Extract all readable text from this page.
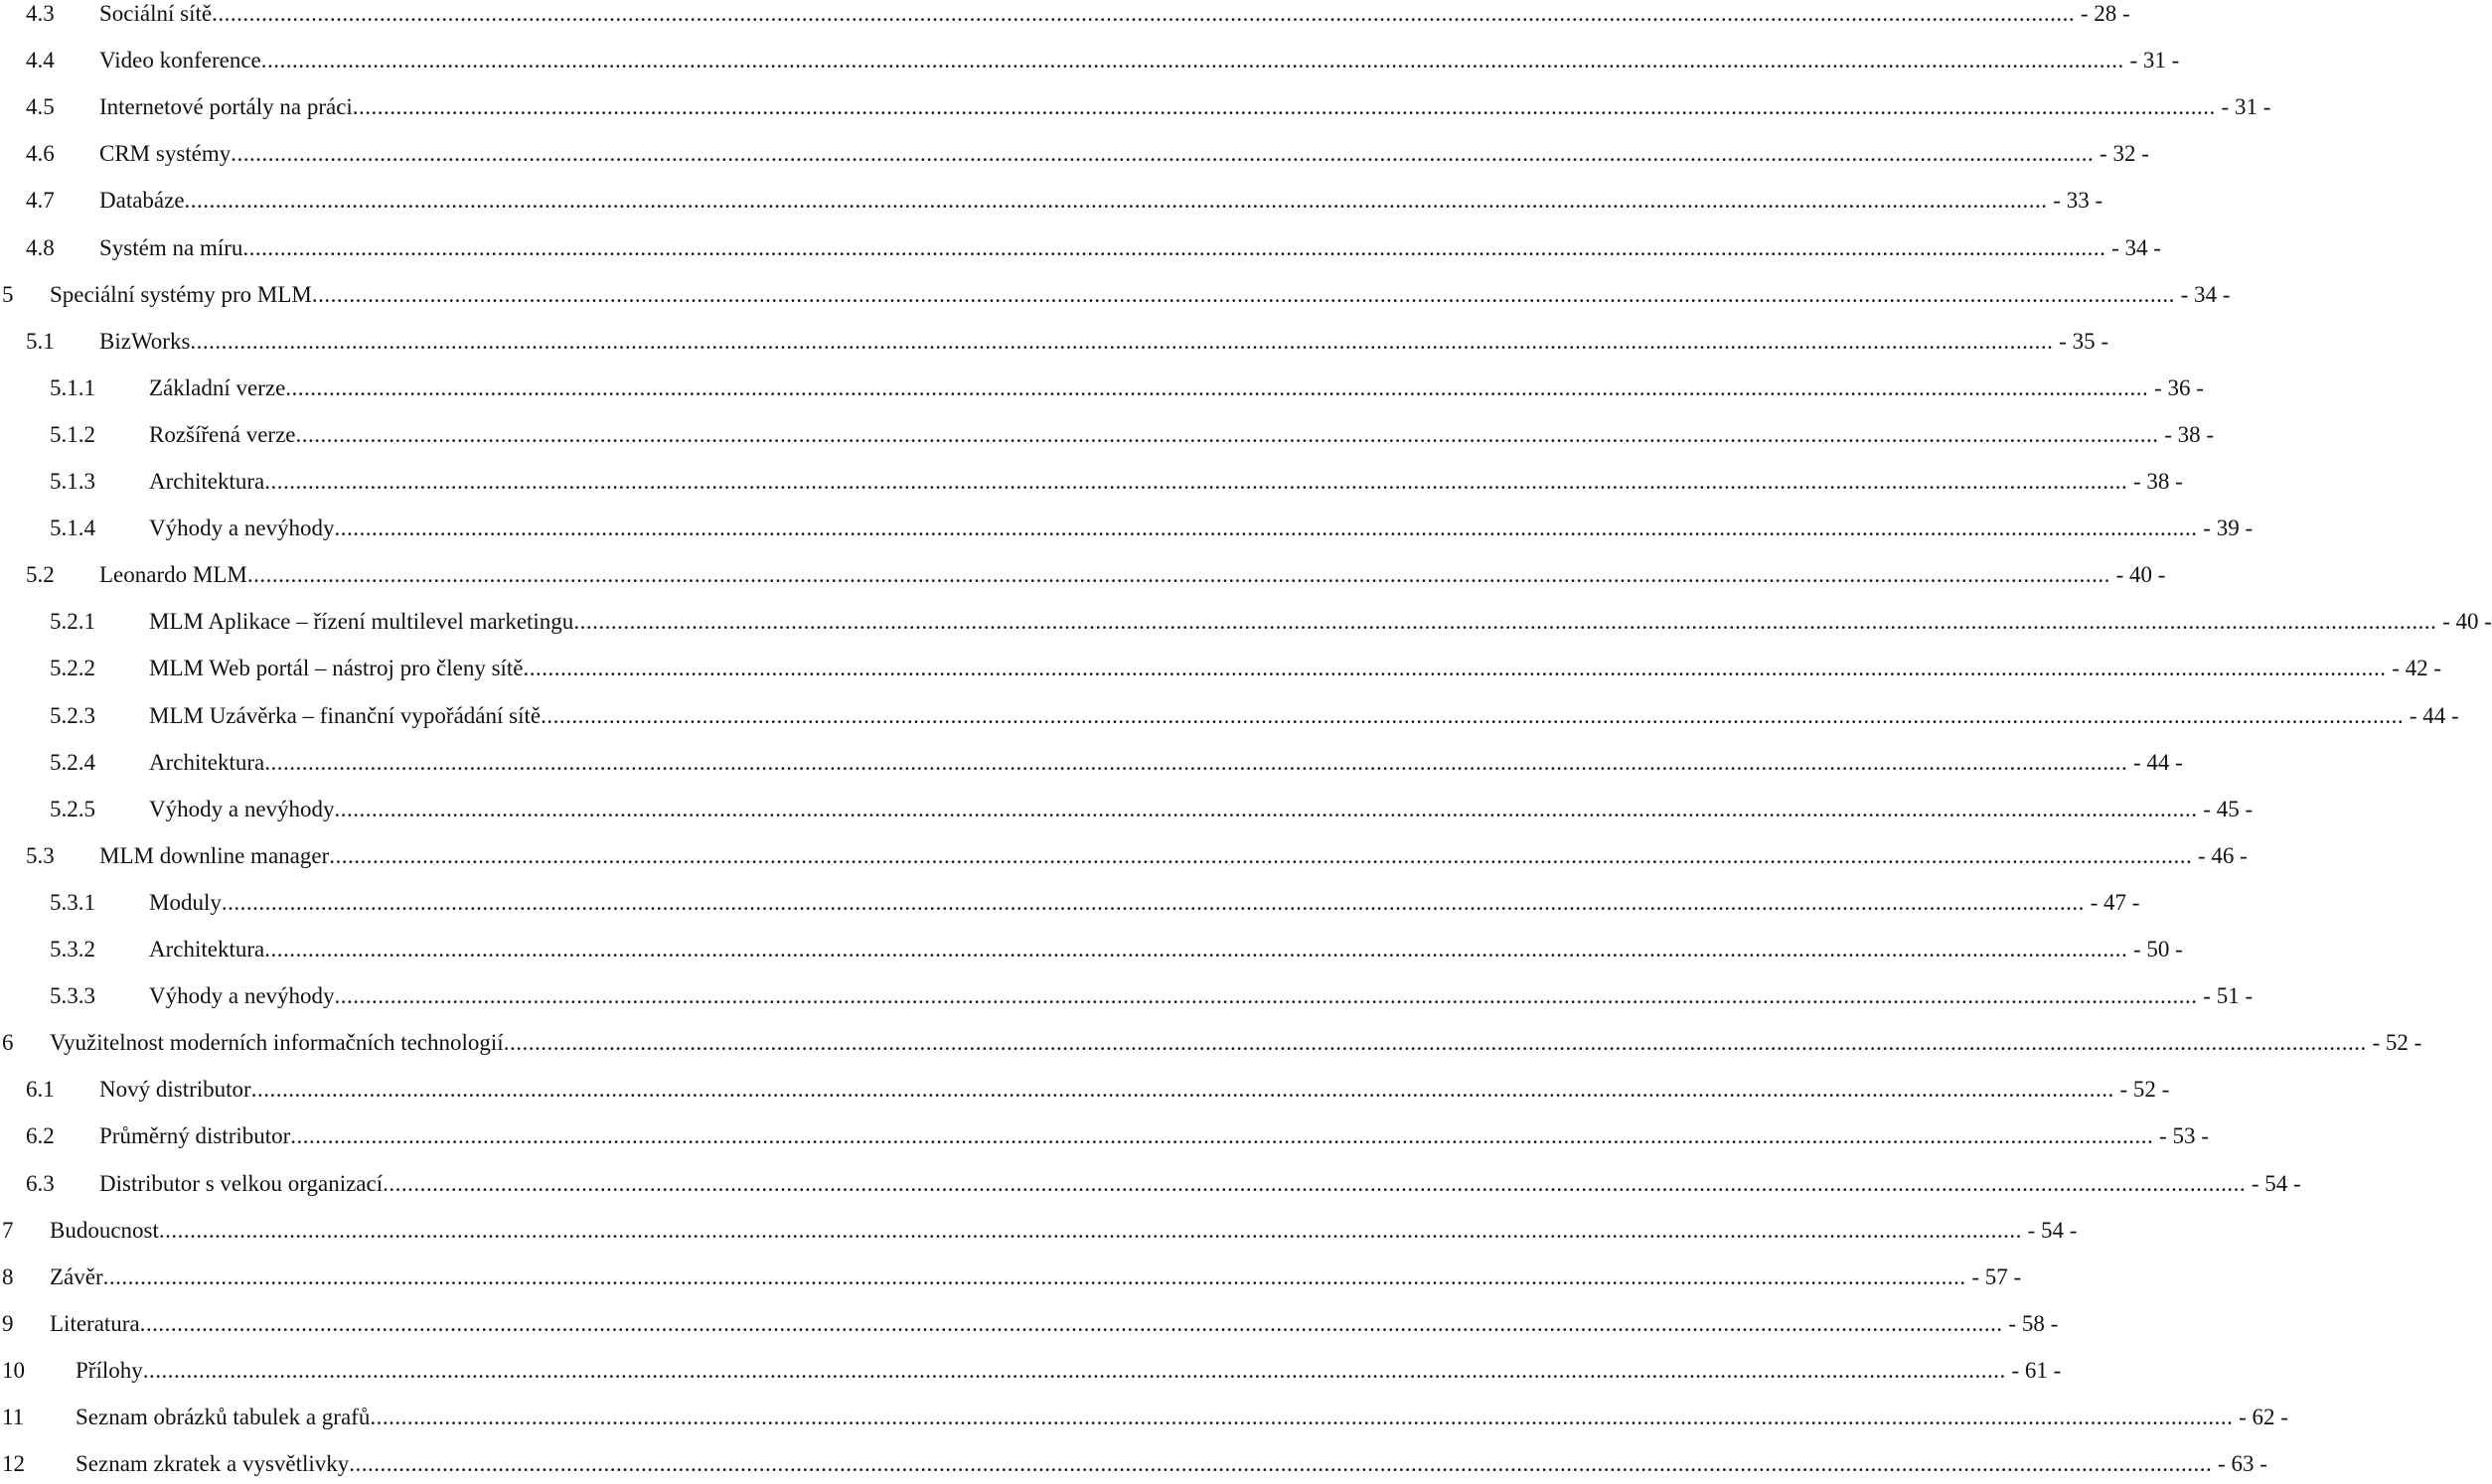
4.3 Sociální sítě ............................................................................................................................................................................................................................................................................................................ - 28 -
4.4 Video konference ............................................................................................................................................................................................................................................................................................................ - 31 -
4.5 Internetové portály na práci ............................................................................................................................................................................................................................................................................................................ - 31 -
4.6 CRM systémy ............................................................................................................................................................................................................................................................................................................ - 32 -
4.7 Databáze ............................................................................................................................................................................................................................................................................................................ - 33 -
4.8 Systém na míru ............................................................................................................................................................................................................................................................................................................ - 34 -
5 Speciální systémy pro MLM ............................................................................................................................................................................................................................................................................................................ - 34 -
5.1 BizWorks ............................................................................................................................................................................................................................................................................................................ - 35 -
5.1.1 Základní verze ............................................................................................................................................................................................................................................................................................................ - 36 -
5.1.2 Rozšířená verze ............................................................................................................................................................................................................................................................................................................ - 38 -
5.1.3 Architektura ............................................................................................................................................................................................................................................................................................................ - 38 -
5.1.4 Výhody a nevýhody ............................................................................................................................................................................................................................................................................................................ - 39 -
5.2 Leonardo MLM ............................................................................................................................................................................................................................................................................................................ - 40 -
5.2.1 MLM Aplikace – řízení multilevel marketingu ............................................................................................................................................................................................................................................................................................................ - 40 -
5.2.2 MLM Web portál – nástroj pro členy sítě ............................................................................................................................................................................................................................................................................................................ - 42 -
5.2.3 MLM Uzávěrka – finanční vypořádání sítě ............................................................................................................................................................................................................................................................................................................ - 44 -
5.2.4 Architektura ............................................................................................................................................................................................................................................................................................................ - 44 -
5.2.5 Výhody a nevýhody ............................................................................................................................................................................................................................................................................................................ - 45 -
5.3 MLM downline manager ............................................................................................................................................................................................................................................................................................................ - 46 -
5.3.1 Moduly ............................................................................................................................................................................................................................................................................................................ - 47 -
5.3.2 Architektura ............................................................................................................................................................................................................................................................................................................ - 50 -
5.3.3 Výhody a nevýhody ............................................................................................................................................................................................................................................................................................................ - 51 -
6 Využitelnost moderních informačních technologií ............................................................................................................................................................................................................................................................................................................ - 52 -
6.1 Nový distributor ............................................................................................................................................................................................................................................................................................................ - 52 -
6.2 Průměrný distributor ............................................................................................................................................................................................................................................................................................................ - 53 -
6.3 Distributor s velkou organizací ............................................................................................................................................................................................................................................................................................................ - 54 -
7 Budoucnost ............................................................................................................................................................................................................................................................................................................ - 54 -
8 Závěr ............................................................................................................................................................................................................................................................................................................ - 57 -
9 Literatura ............................................................................................................................................................................................................................................................................................................ - 58 -
10 Přílohy ............................................................................................................................................................................................................................................................................................................ - 61 -
11 Seznam obrázků tabulek a grafů ............................................................................................................................................................................................................................................................................................................ - 62 -
12 Seznam zkratek a vysvětlivky ............................................................................................................................................................................................................................................................................................................ - 63 -
